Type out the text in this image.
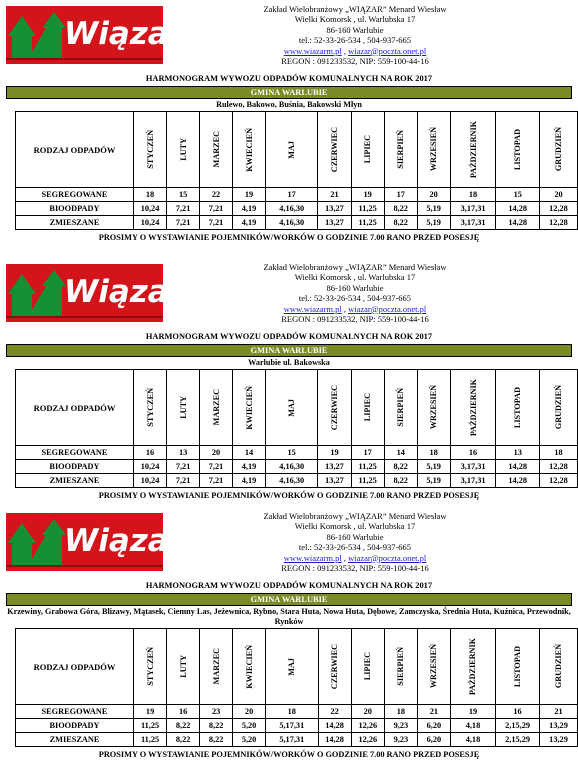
Wiązar
Zakład Wielobranżowy „WIĄZAR” Menard Wiesław
Wielki Komorsk , ul. Warlubska 17
86-160 Warlubie
tel.: 52-33-26-534 , 504-937-665
www.wiazarm.pl , wiazar@poczta.onet.pl
REGON : 091233532, NIP: 559-100-44-16
HARMONOGRAM WYWOZU ODPADÓW KOMUNALNYCH NA ROK 2017
GMINA WARLUBIE
Rulewo, Bakowo, Buśnia, Bakowski Młyn
RODZAJ ODPADÓW	STYCZEŃ	LUTY	MARZEC	KWIECIEŃ	MAJ	CZERWIEC	LIPIEC	SIERPIEŃ	WRZESIEŃ	PAŹDZIERNIK	LISTOPAD	GRUDZIEŃ

SEGREGOWANE	18	15	22	19	17	21	19	17	20	18	15	20
BIOODPADY	10,24	7,21	7,21	4,19	4,16,30	13,27	11,25	8,22	5,19	3,17,31	14,28	12,28
ZMIESZANE	10,24	7,21	7,21	4,19	4,16,30	13,27	11,25	8,22	5,19	3,17,31	14,28	12,28
PROSIMY O WYSTAWIANIE POJEMNIKÓW/WORKÓW O GODZINIE 7.00 RANO PRZED POSESJĘ
Wiązar
Zakład Wielobranżowy „WIĄZAR” Menard Wiesław
Wielki Komorsk , ul. Warlubska 17
86-160 Warlubie
tel.: 52-33-26-534 , 504-937-665
www.wiazarm.pl , wiazar@poczta.onet.pl
REGON : 091233532, NIP: 559-100-44-16
HARMONOGRAM WYWOZU ODPADÓW KOMUNALNYCH NA ROK 2017
GMINA WARLUBIE
Warlubie ul. Bakowska
RODZAJ ODPADÓW	STYCZEŃ	LUTY	MARZEC	KWIECIEŃ	MAJ	CZERWIEC	LIPIEC	SIERPIEŃ	WRZESIEŃ	PAŹDZIERNIK	LISTOPAD	GRUDZIEŃ

SEGREGOWANE	16	13	20	14	15	19	17	14	18	16	13	18
BIOODPADY	10,24	7,21	7,21	4,19	4,16,30	13,27	11,25	8,22	5,19	3,17,31	14,28	12,28
ZMIESZANE	10,24	7,21	7,21	4,19	4,16,30	13,27	11,25	8,22	5,19	3,17,31	14,28	12,28
PROSIMY O WYSTAWIANIE POJEMNIKÓW/WORKÓW O GODZINIE 7.00 RANO PRZED POSESJĘ
Wiązar
Zakład Wielobranżowy „WIĄZAR” Menard Wiesław
Wielki Komorsk , ul. Warlubska 17
86-160 Warlubie
tel.: 52-33-26-534 , 504-937-665
www.wiazarm.pl , wiazar@poczta.onet.pl
REGON : 091233532, NIP: 559-100-44-16
HARMONOGRAM WYWOZU ODPADÓW KOMUNALNYCH NA ROK 2017
GMINA WARLUBIE
Krzewiny, Grabowa Góra, Blizawy, Mątasek, Ciemny Las, Jeżewnica, Rybno, Stara Huta, Nowa Huta, Dębowe, Zamczyska, Średnia Huta, Kuźnica, Przewodnik, Rynków
RODZAJ ODPADÓW	STYCZEŃ	LUTY	MARZEC	KWIECIEŃ	MAJ	CZERWIEC	LIPIEC	SIERPIEŃ	WRZESIEŃ	PAŹDZIERNIK	LISTOPAD	GRUDZIEŃ

SEGREGOWANE	19	16	23	20	18	22	20	18	21	19	16	21
BIOODPADY	11,25	8,22	8,22	5,20	5,17,31	14,28	12,26	9,23	6,20	4,18	2,15,29	13,29
ZMIESZANE	11,25	8,22	8,22	5,20	5,17,31	14,28	12,26	9,23	6,20	4,18	2,15,29	13,29
PROSIMY O WYSTAWIANIE POJEMNIKÓW/WORKÓW O GODZINIE 7.00 RANO PRZED POSESJĘ
